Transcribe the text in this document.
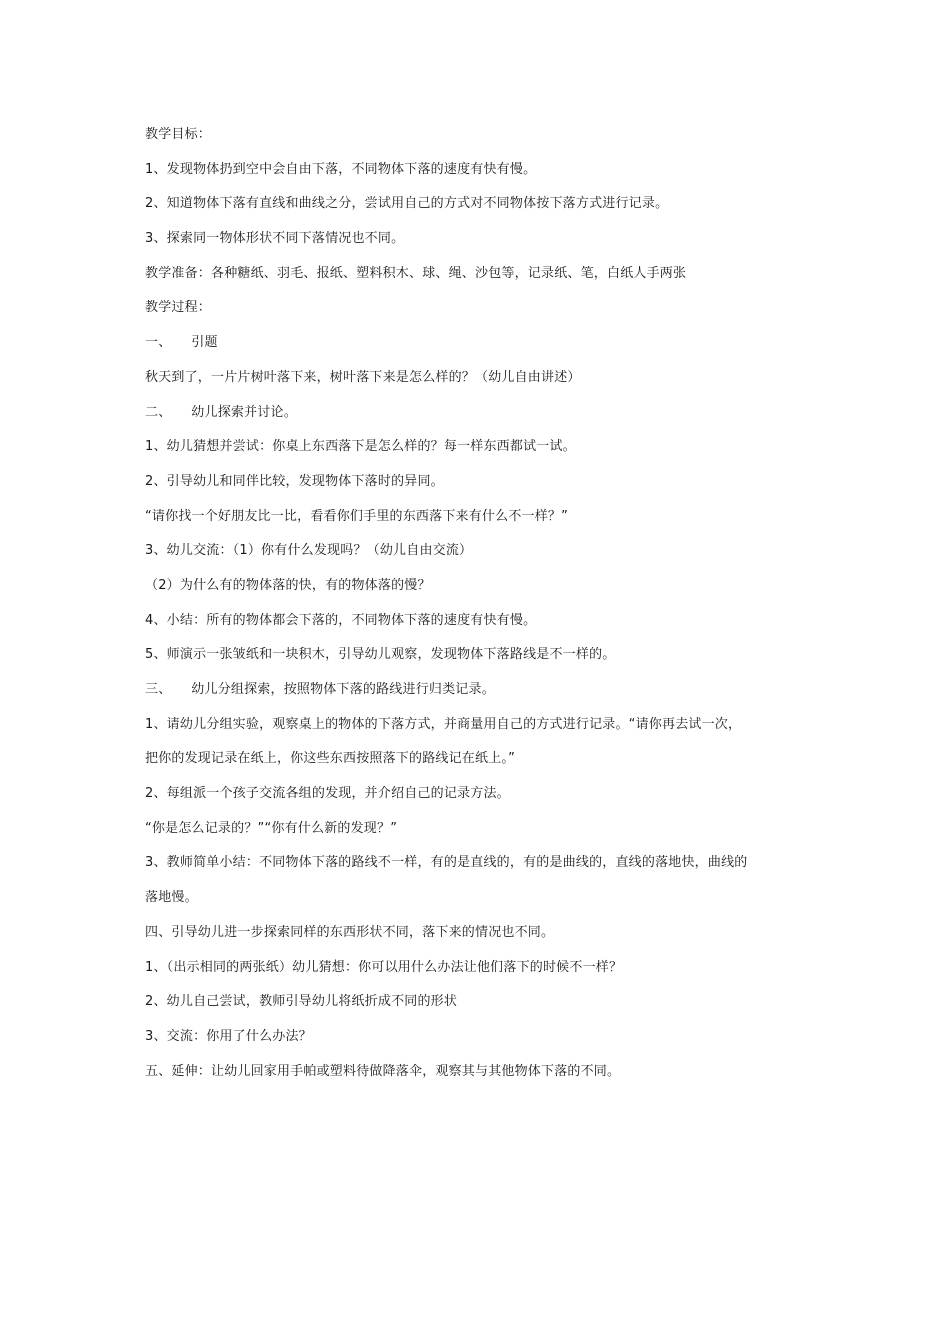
教学目标：
1、发现物体扔到空中会自由下落，不同物体下落的速度有快有慢。
2、知道物体下落有直线和曲线之分，尝试用自己的方式对不同物体按下落方式进行记录。
3、探索同一物体形状不同下落情况也不同。
教学准备：各种糖纸、羽毛、报纸、塑料积木、球、绳、沙包等，记录纸、笔，白纸人手两张
教学过程：
一、　　引题
秋天到了，一片片树叶落下来，树叶落下来是怎么样的？（幼儿自由讲述）
二、　　幼儿探索并讨论。
1、幼儿猜想并尝试：你桌上东西落下是怎么样的？每一样东西都试一试。
2、引导幼儿和同伴比较，发现物体下落时的异同。
“请你找一个好朋友比一比，看看你们手里的东西落下来有什么不一样？”
3、幼儿交流：（1）你有什么发现吗？（幼儿自由交流）
（2）为什么有的物体落的快，有的物体落的慢？
4、小结：所有的物体都会下落的，不同物体下落的速度有快有慢。
5、师演示一张皱纸和一块积木，引导幼儿观察，发现物体下落路线是不一样的。
三、　　幼儿分组探索，按照物体下落的路线进行归类记录。
1、请幼儿分组实验，观察桌上的物体的下落方式，并商量用自己的方式进行记录。“请你再去试一次，
把你的发现记录在纸上，你这些东西按照落下的路线记在纸上。”
2、每组派一个孩子交流各组的发现，并介绍自己的记录方法。
“你是怎么记录的？”“你有什么新的发现？”
3、教师简单小结：不同物体下落的路线不一样，有的是直线的，有的是曲线的，直线的落地快，曲线的
落地慢。
四、引导幼儿进一步探索同样的东西形状不同，落下来的情况也不同。
1、（出示相同的两张纸）幼儿猜想：你可以用什么办法让他们落下的时候不一样？
2、幼儿自己尝试，教师引导幼儿将纸折成不同的形状
3、交流：你用了什么办法？
五、延伸：让幼儿回家用手帕或塑料待做降落伞，观察其与其他物体下落的不同。
